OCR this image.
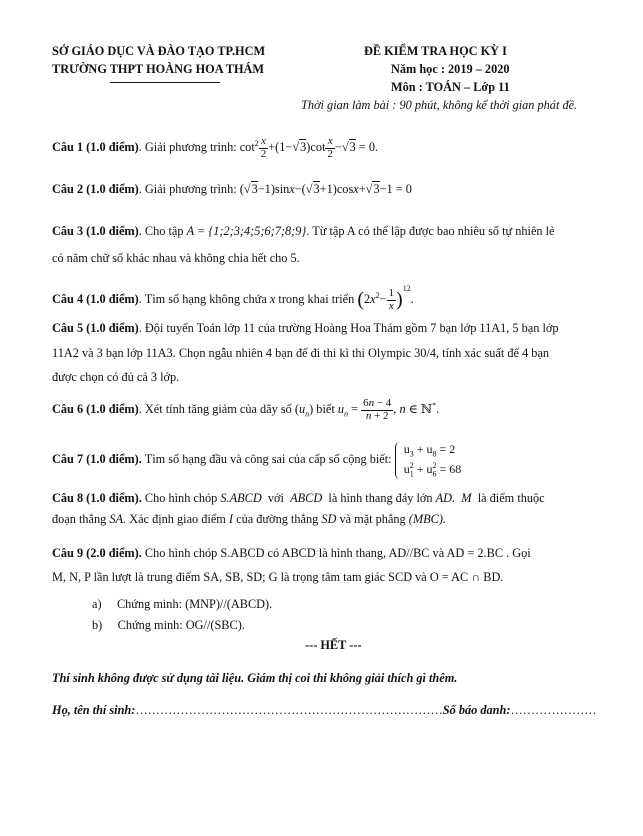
SỞ GIÁO DỤC VÀ ĐÀO TẠO TP.HCM
TRƯỜNG THPT HOÀNG HOA THÁM
ĐỀ KIỂM TRA HỌC KỲ I
Năm học : 2019 – 2020
Môn : TOÁN – Lớp 11
Thời gian làm bài : 90 phút, không kể thời gian phát đề.
Câu 1 (1.0 điểm). Giải phương trình: $\cot^2 \frac{x}{2} +(1-√3)\cot \frac{x}{2} -√3 = 0$.
Câu 2 (1.0 điểm). Giải phương trình: (√3−1)sinx−(√3+1)cosx+√3−1 = 0
Câu 3 (1.0 điểm). Cho tập A = {1;2;3;4;5;6;7;8;9}. Từ tập A có thể lập được bao nhiêu số tự nhiên lẻ
có năm chữ số khác nhau và không chia hết cho 5.
Câu 4 (1.0 điểm). Tìm số hạng không chứa x trong khai triển $(2x^2- \frac{1}{x} )^{12}$.
Câu 5 (1.0 điểm). Đội tuyển Toán lớp 11 của trường Hoàng Hoa Thám gồm 7 bạn lớp 11A1, 5 bạn lớp
11A2 và 3 bạn lớp 11A3. Chọn ngẫu nhiên 4 bạn để đi thi kì thi Olympic 30/4, tính xác suất để 4 bạn
được chọn có đủ cả 3 lớp.
Câu 6 (1.0 điểm). Xét tính tăng giảm của dãy số $(u_n)$ biết $u_n = \frac{6n - 4}{n + 2}$ , n ∈ ℕ*.
Câu 7 (1.0 điểm). Tìm số hạng đầu và công sai của cấp số cộng biết: $u_3 + u_8 = 2$
$u_1^2 + u_6^2 = 68$
Câu 8 (1.0 điểm). Cho hình chóp S.ABCD với ABCD là hình thang đáy lớn AD. M là điểm thuộc
đoạn thẳng SA. Xác định giao điểm I của đường thẳng SD và mặt phẳng (MBC).
Câu 9 (2.0 điểm). Cho hình chóp S.ABCD có ABCD là hình thang, AD//BC và AD = 2.BC . Gọi
M, N, P lần lượt là trung điểm SA, SB, SD; G là trọng tâm tam giác SCD và O = AC ∩ BD.
a) Chứng minh: (MNP)//(ABCD).
b) Chứng minh: OG//(SBC).
--- HẾT ---
Thí sinh không được sử dụng tài liệu. Giám thị coi thi không giải thích gì thêm.
Họ, tên thí sinh:…………………………………………………………………Số báo danh:…………………
